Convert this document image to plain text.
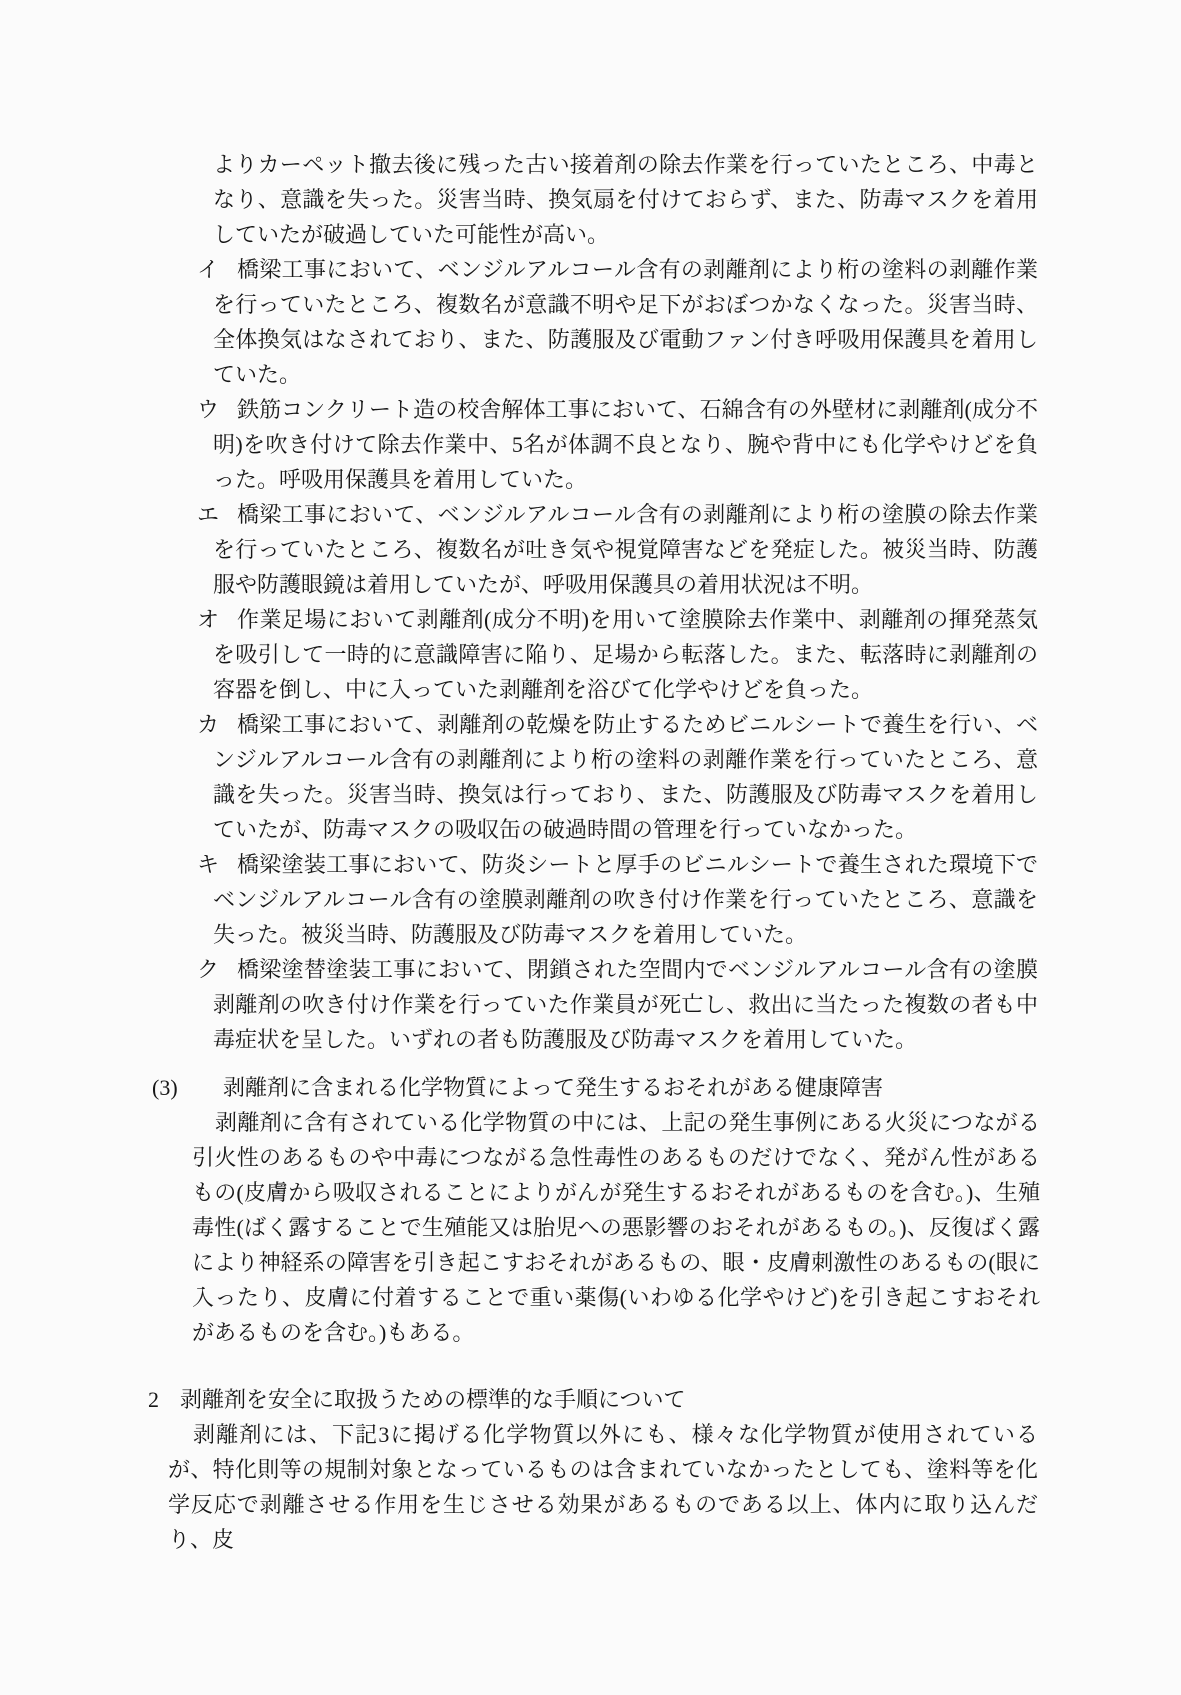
よりカーペット撤去後に残った古い接着剤の除去作業を行っていたところ、中毒となり、意識を失った。災害当時、換気扇を付けておらず、また、防毒マスクを着用していたが破過していた可能性が高い。

イ 橋梁工事において、ベンジルアルコール含有の剥離剤により桁の塗料の剥離作業を行っていたところ、複数名が意識不明や足下がおぼつかなくなった。災害当時、全体換気はなされており、また、防護服及び電動ファン付き呼吸用保護具を着用していた。
ウ 鉄筋コンクリート造の校舎解体工事において、石綿含有の外壁材に剥離剤(成分不明)を吹き付けて除去作業中、5名が体調不良となり、腕や背中にも化学やけどを負った。呼吸用保護具を着用していた。
エ 橋梁工事において、ベンジルアルコール含有の剥離剤により桁の塗膜の除去作業を行っていたところ、複数名が吐き気や視覚障害などを発症した。被災当時、防護服や防護眼鏡は着用していたが、呼吸用保護具の着用状況は不明。
オ 作業足場において剥離剤(成分不明)を用いて塗膜除去作業中、剥離剤の揮発蒸気を吸引して一時的に意識障害に陥り、足場から転落した。また、転落時に剥離剤の容器を倒し、中に入っていた剥離剤を浴びて化学やけどを負った。
カ 橋梁工事において、剥離剤の乾燥を防止するためビニルシートで養生を行い、ベンジルアルコール含有の剥離剤により桁の塗料の剥離作業を行っていたところ、意識を失った。災害当時、換気は行っており、また、防護服及び防毒マスクを着用していたが、防毒マスクの吸収缶の破過時間の管理を行っていなかった。
キ 橋梁塗装工事において、防炎シートと厚手のビニルシートで養生された環境下でベンジルアルコール含有の塗膜剥離剤の吹き付け作業を行っていたところ、意識を失った。被災当時、防護服及び防毒マスクを着用していた。
ク 橋梁塗替塗装工事において、閉鎖された空間内でベンジルアルコール含有の塗膜剥離剤の吹き付け作業を行っていた作業員が死亡し、救出に当たった複数の者も中毒症状を呈した。いずれの者も防護服及び防毒マスクを着用していた。
(3) 剥離剤に含まれる化学物質によって発生するおそれがある健康障害

剥離剤に含有されている化学物質の中には、上記の発生事例にある火災につながる引火性のあるものや中毒につながる急性毒性のあるものだけでなく、発がん性があるもの(皮膚から吸収されることによりがんが発生するおそれがあるものを含む。)、生殖毒性(ばく露することで生殖能又は胎児への悪影響のおそれがあるもの。)、反復ばく露により神経系の障害を引き起こすおそれがあるもの、眼・皮膚刺激性のあるもの(眼に入ったり、皮膚に付着することで重い薬傷(いわゆる化学やけど)を引き起こすおそれがあるものを含む。)もある。

2 剥離剤を安全に取扱うための標準的な手順について

剥離剤には、下記3に掲げる化学物質以外にも、様々な化学物質が使用されているが、特化則等の規制対象となっているものは含まれていなかったとしても、塗料等を化学反応で剥離させる作用を生じさせる効果があるものである以上、体内に取り込んだり、皮
